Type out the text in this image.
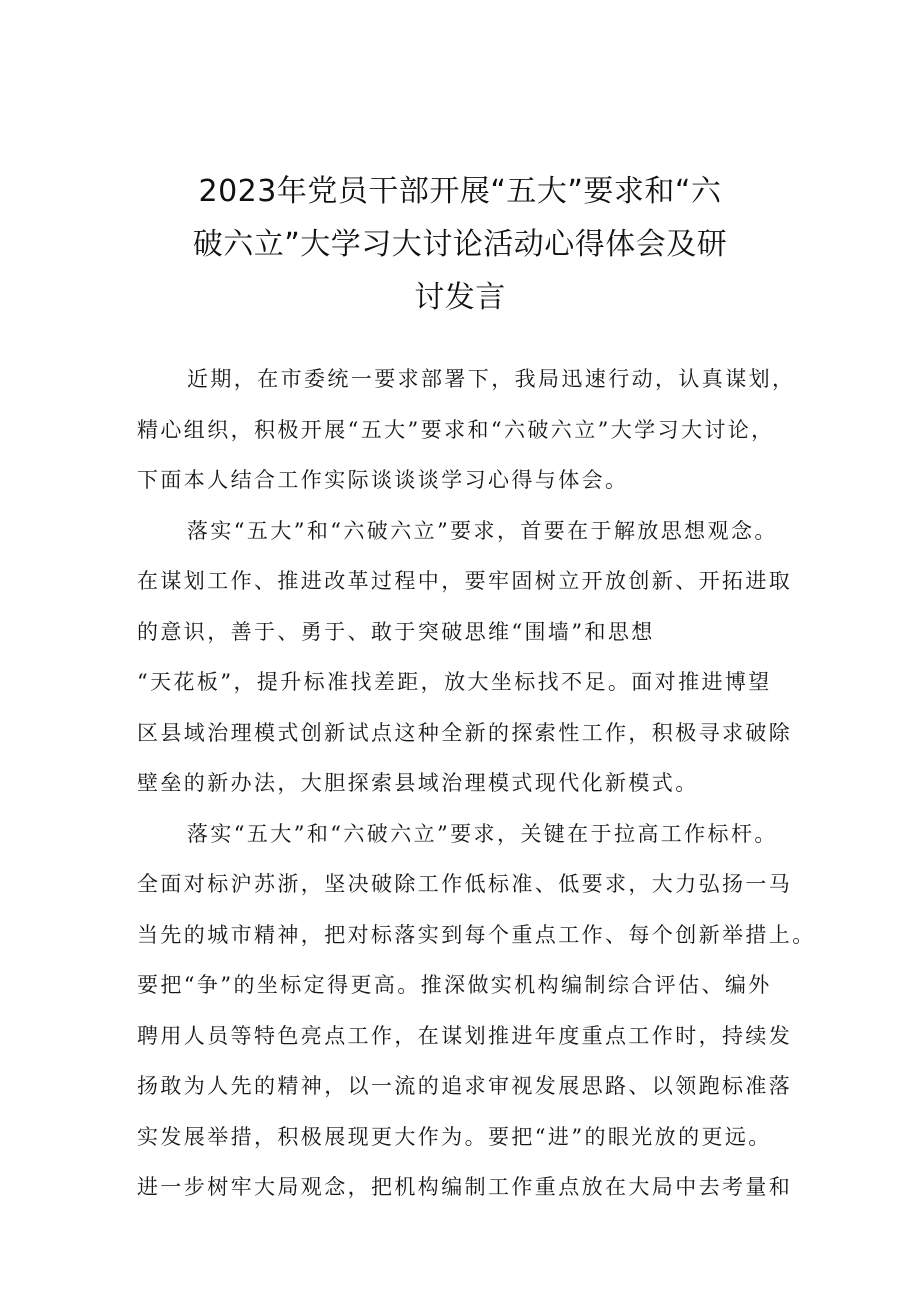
2023年党员干部开展“五大”要求和“六
破六立”大学习大讨论活动心得体会及研
讨发言
近期，在市委统一要求部署下，我局迅速行动，认真谋划，
精心组织，积极开展“五大”要求和“六破六立”大学习大讨论，
下面本人结合工作实际谈谈谈学习心得与体会。
落实“五大”和“六破六立”要求，首要在于解放思想观念。
在谋划工作、推进改革过程中，要牢固树立开放创新、开拓进取
的意识，善于、勇于、敢于突破思维“围墙”和思想
“天花板”，提升标准找差距，放大坐标找不足。面对推进博望
区县域治理模式创新试点这种全新的探索性工作，积极寻求破除
壁垒的新办法，大胆探索县域治理模式现代化新模式。
落实“五大”和“六破六立”要求，关键在于拉高工作标杆。
全面对标沪苏浙，坚决破除工作低标准、低要求，大力弘扬一马
当先的城市精神，把对标落实到每个重点工作、每个创新举措上。
要把“争”的坐标定得更高。推深做实机构编制综合评估、编外
聘用人员等特色亮点工作，在谋划推进年度重点工作时，持续发
扬敢为人先的精神，以一流的追求审视发展思路、以领跑标准落
实发展举措，积极展现更大作为。要把“进”的眼光放的更远。
进一步树牢大局观念，把机构编制工作重点放在大局中去考量和
